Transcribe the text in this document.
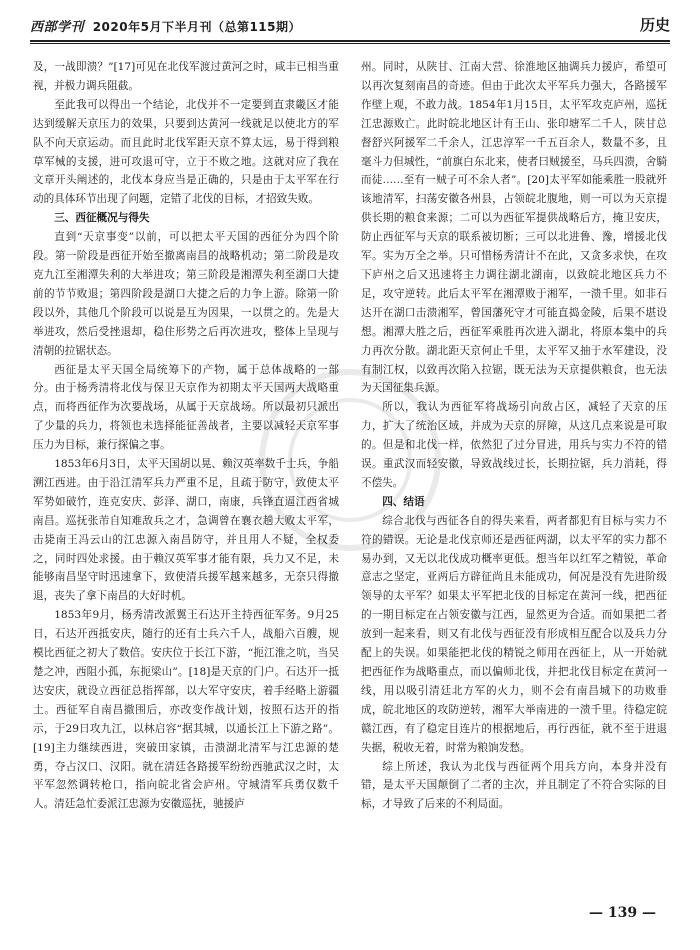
西部学刊 2020年5月下半月刊（总第115期）	历史

及，一战即溃？”[17]可见在北伐军渡过黄河之时，咸丰已相当重视，并极力调兵阻截。

至此我可以得出一个结论，北伐并不一定要到直隶畿区才能达到缓解天京压力的效果，只要到达黄河一线就足以使北方的军队不向天京运动。而且此时北伐军距天京不算太远，易于得到粮草军械的支援，进可攻退可守，立于不败之地。这就对应了我在文章开头阐述的，北伐本身应当是正确的，只是由于太平军在行动的具体环节出现了问题，定错了北伐的目标，才招致失败。

三、西征概况与得失

直到“天京事变”以前，可以把太平天国的西征分为四个阶段。第一阶段是西征开始至撤离南昌的战略机动；第二阶段是攻克九江至湘潭失利的大举进攻；第三阶段是湘潭失利至湖口大捷前的节节败退；第四阶段是湖口大捷之后的力争上游。除第一阶段以外，其他几个阶段可以说是互为因果，一以贯之的。先是大举进攻，然后受挫退却，稳住形势之后再次进攻，整体上呈现与清朝的拉锯状态。

西征是太平天国全局统筹下的产物，属于总体战略的一部分。由于杨秀清将北伐与保卫天京作为初期太平天国两大战略重点，而将西征作为次要战场，从属于天京战场。所以最初只派出了少量的兵力，将领也未选择能征善战者，主要以减轻天京军事压力为目标，兼行探偏之事。

1853年6月3日，太平天国胡以晃、赖汉英率数千士兵，争船溯江西进。由于沿江清军兵力严重不足，且疏于防守，致使太平军势如破竹，连克安庆、彭泽、湖口，南康，兵锋直逼江西省城南昌。巡抚张芾自知难敌兵之才，急调曾在襄衣趟大败太平军，击毙南王冯云山的江忠源入南昌防守，并且用人不疑，全权委之，同时四处求援。由于赖汉英军事才能有限，兵力又不足，未能够南昌坚守时迅速拿下，致使清兵援军越来越多，无奈只得撤退，丧失了拿下南昌的大好时机。

1853年9月，杨秀清改派翼王石达开主持西征军务。9月25日，石达开西抵安庆，随行的还有士兵六千人，战船六百艘，规模比西征之初大了数倍。安庆位于长江下游，“扼江淮之吭，当吴楚之冲，西阻小孤，东扼梁山”。[18]是天京的门户。石达开一抵达安庆，就设立西征总指挥部，以大军守安庆，着手经略上游疆土。西征军自南昌撤围后，亦改变作战计划，按照石达开的指示，于29日攻九江，以林启容“据其城，以通长江上下游之路”。[19]主力继续西进，突破田家镇，击溃湖北清军与江忠源的楚勇，夺占汉口、汉阳。就在清廷各路援军纷纷西驰武汉之时，太平军忽然调转枪口，指向皖北省会庐州。守城清军兵勇仅数千人。清廷急忙委派江忠源为安徽巡抚，驰援庐

州。同时，从陕甘、江南大营、徐淮地区抽调兵力援庐，希望可以再次复刻南昌的奇迹。但由于此次太平军兵力强大，各路援军作壁上观，不敢力战。1854年1月15日，太平军攻克庐州，巡抚江忠源败亡。此时皖北地区计有王山、张印塘军二千人，陕甘总督舒兴阿援军二千余人，江忠淳军一千五百余人，数量不多，且毫斗力但城性，“前旗白东北来，使者曰贼援至，马兵四溃，舍騎而徒……至有一贼子可不余人者”。[20]太平军如能乘胜一股就歼该地清军，扫荡安徽各州县，占领皖北腹地，则一可以为天京提供长期的粮食来源；二可以为西征军提供战略后方，掩卫安庆，防止西征军与天京的联系被切断；三可以北进鲁、豫，增援北伐军。实为万全之举。只可惜杨秀清计不在此，又贪多求快，在攻下庐州之后又迅速将主力调往湖北湖南，以致皖北地区兵力不足，攻守逆转。此后太平军在湘潭败于湘军，一溃千里。如非石达开在湖口击溃湘军，曾国藩死守才可能直捣金陵，后果不堪设想。湘潭大胜之后，西征军乘胜再次进入湖北，将原本集中的兵力再次分散。湖北距天京何止千里，太平军又抽于水军建设，没有制江权，以致再次陷入拉锯，既无法为天京提供粮食，也无法为天国征集兵源。

所以，我认为西征军将战场引向敌占区，减轻了天京的压力，扩大了统治区域，并成为天京的屏障，从这几点来说是可取的。但是和北伐一样，依然犯了过分冒进，用兵与实力不符的错误。重武汉而轻安徽，导致战线过长，长期拉锯，兵力消耗，得不偿失。

四、结语

综合北伐与西征各自的得失来看，两者都犯有目标与实力不符的错误。无论是北伐京师还是西征两湖，以太平军的实力都不易办到，又无以北伐成功概率更低。想当年以红军之精锐，革命意志之坚定，亚两后方辟征尚且未能成功，何况是没有先进阶级领导的太平军？如果太平军把北伐的目标定在黄河一线，把西征的一期目标定在占领安徽与江西，显然更为合适。而如果把二者放到一起来看，则又有北伐与西征没有形成相互配合以及兵力分配上的失误。如果能把北伐的精锐之师用在西征上，从一开始就把西征作为战略重点，而以偏师北伐，并把北伐目标定在黄河一线，用以吸引清廷北方军的火力，则不会有南昌城下的功败垂成，皖北地区的攻防逆转，湘军大举南进的一溃千里。待稳定皖赣江西，有了稳定目连片的根据地后，再行西征，就不至于进退失据，税收无着，时常为粮饷发愁。

综上所述，我认为北伐与西征两个用兵方向，本身并没有错，是太平天国颠倒了二者的主次，并且制定了不符合实际的目标，才导致了后来的不利局面。

— 139 —
